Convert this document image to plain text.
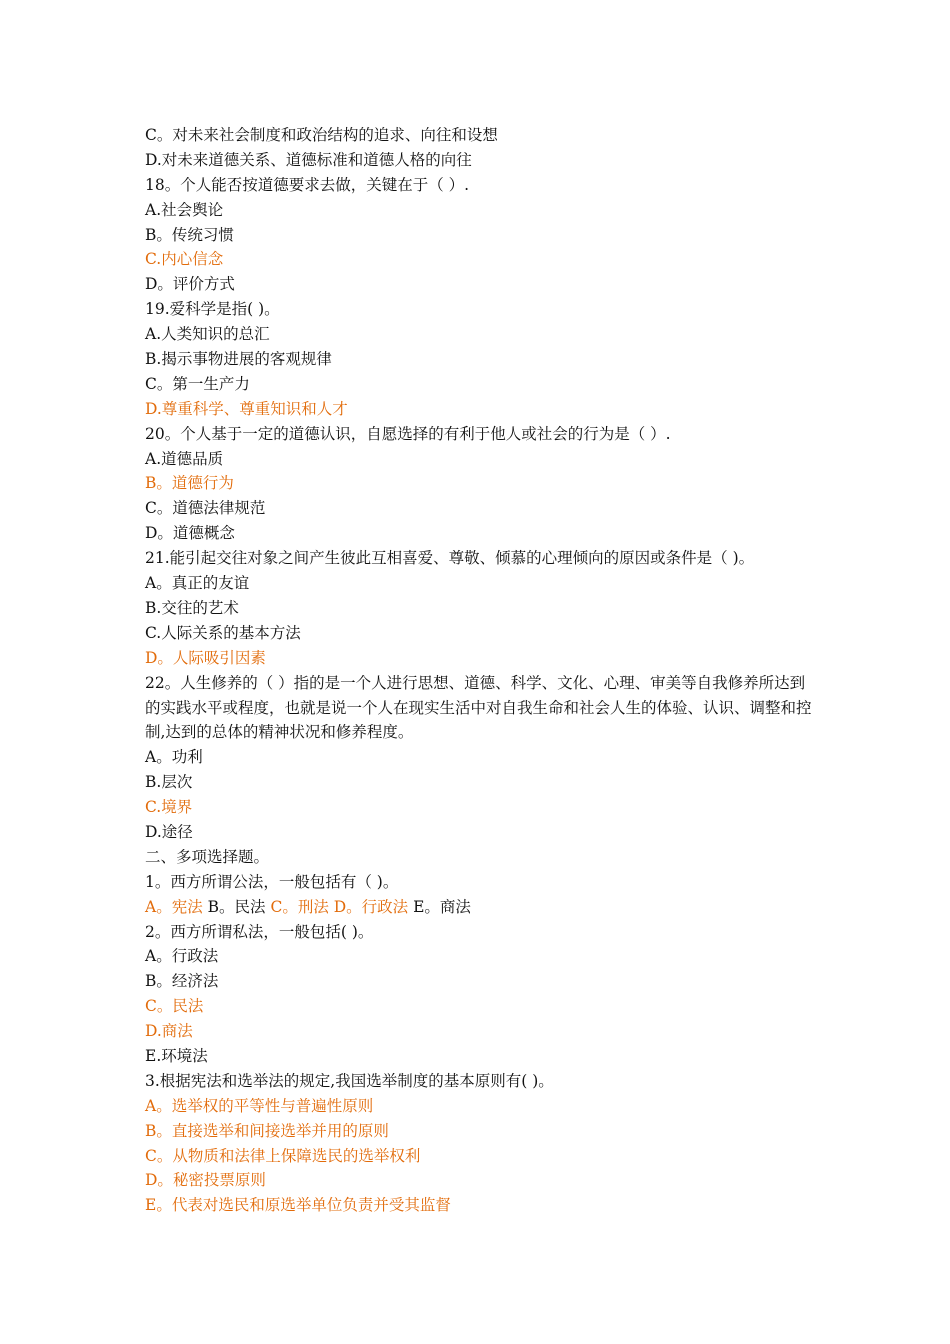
C。对未来社会制度和政治结构的追求、向往和设想
D.对未来道德关系、道德标准和道德人格的向往
18。个人能否按道德要求去做，关键在于（ ）.
A.社会舆论
B。传统习惯
C.内心信念
D。评价方式
19.爱科学是指( )。
A.人类知识的总汇
B.揭示事物进展的客观规律
C。第一生产力
D.尊重科学、尊重知识和人才
20。个人基于一定的道德认识，自愿选择的有利于他人或社会的行为是（ ）.
A.道德品质
B。道德行为
C。道德法律规范
D。道德概念
21.能引起交往对象之间产生彼此互相喜爱、尊敬、倾慕的心理倾向的原因或条件是（ )。
A。真正的友谊
B.交往的艺术
C.人际关系的基本方法
D。人际吸引因素
22。人生修养的（ ）指的是一个人进行思想、道德、科学、文化、心理、审美等自我修养所达到的实践水平或程度，也就是说一个人在现实生活中对自我生命和社会人生的体验、认识、调整和控制,达到的总体的精神状况和修养程度。
A。功利
B.层次
C.境界
D.途径
二、多项选择题。
1。西方所谓公法，一般包括有（ )。
A。宪法 B。民法 C。刑法 D。行政法 E。商法
2。西方所谓私法，一般包括( )。
A。行政法
B。经济法
C。民法
D.商法
E.环境法
3.根据宪法和选举法的规定,我国选举制度的基本原则有( )。
A。选举权的平等性与普遍性原则
B。直接选举和间接选举并用的原则
C。从物质和法律上保障选民的选举权利
D。秘密投票原则
E。代表对选民和原选举单位负责并受其监督
